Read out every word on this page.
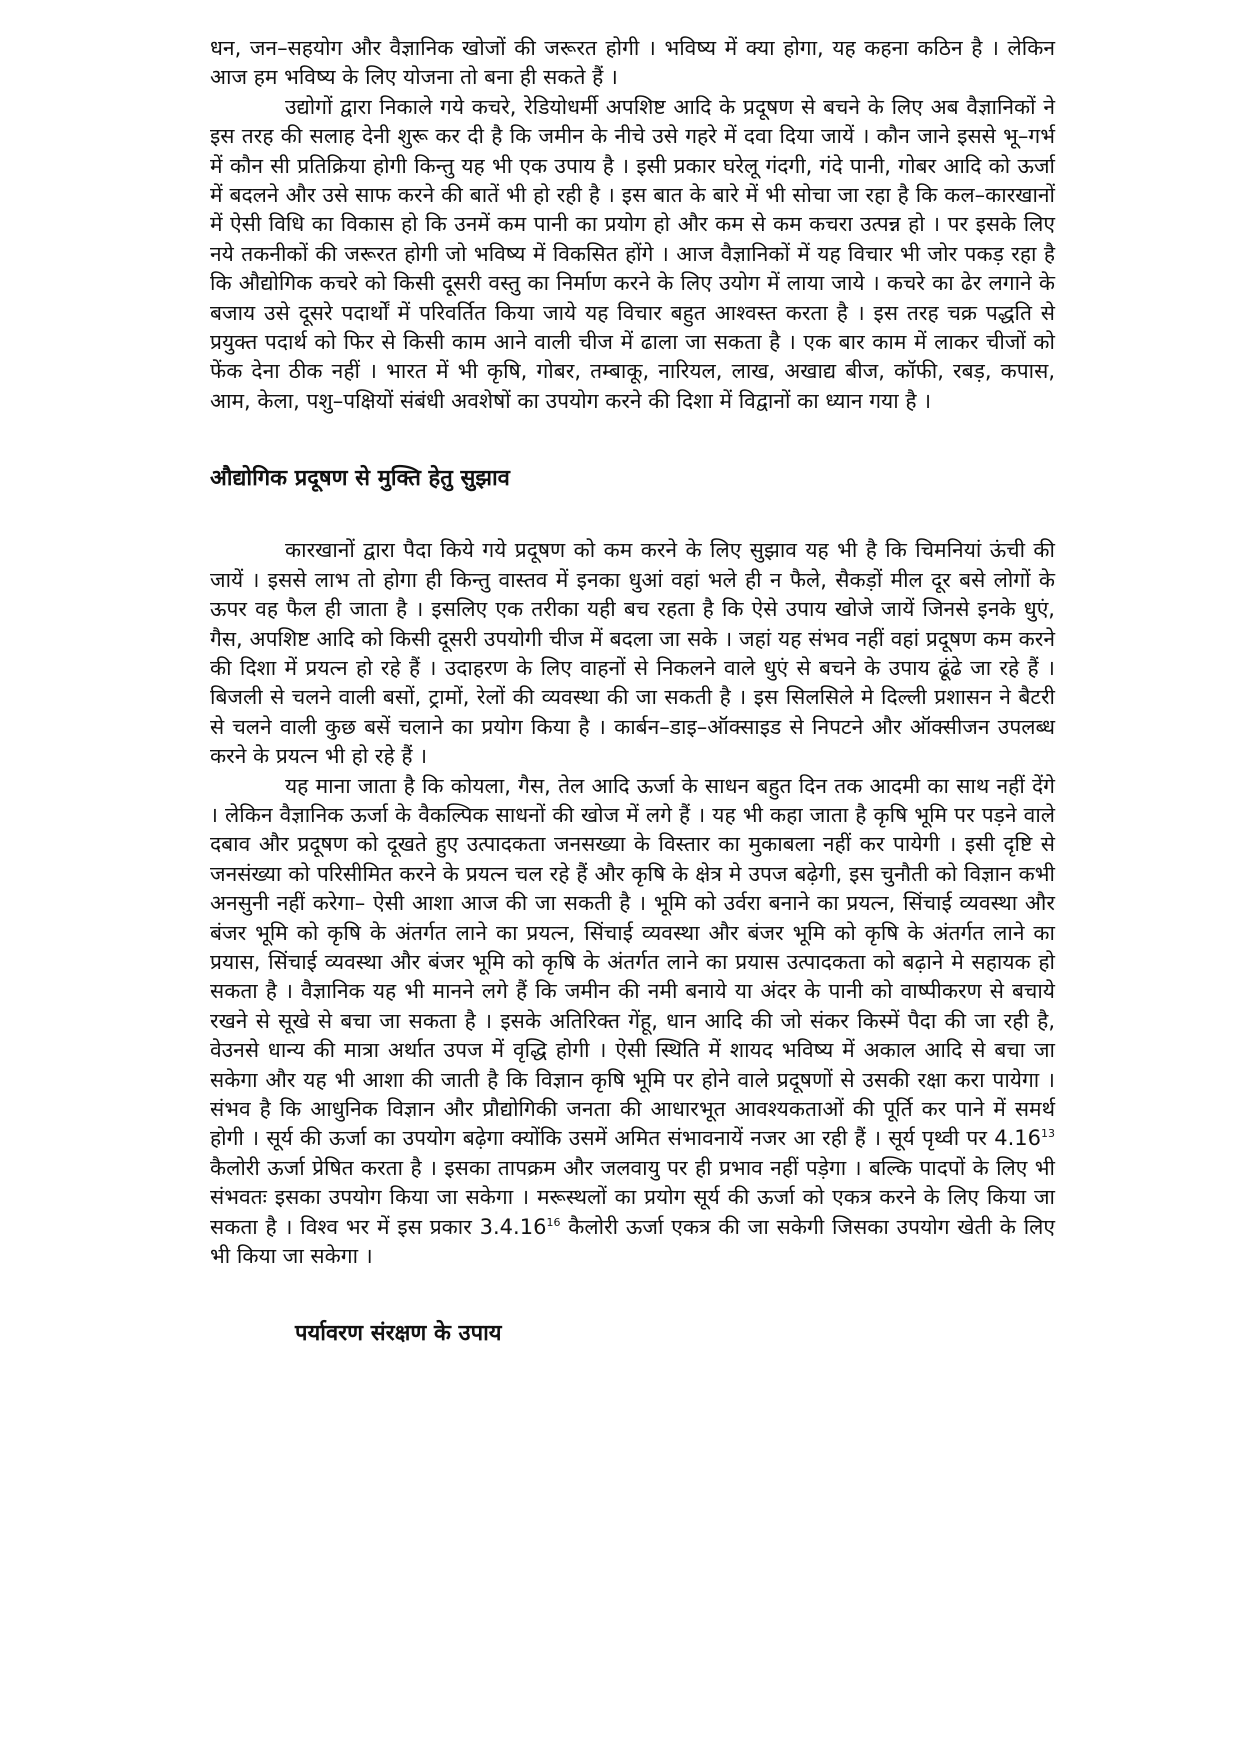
धन, जन–सहयोग और वैज्ञानिक खोजों की जरूरत होगी । भविष्य में क्या होगा, यह कहना कठिन है । लेकिन आज हम भविष्य के लिए योजना तो बना ही सकते हैं ।

उद्योगों द्वारा निकाले गये कचरे, रेडियोधर्मी अपशिष्ट आदि के प्रदूषण से बचने के लिए अब वैज्ञानिकों ने इस तरह की सलाह देनी शुरू कर दी है कि जमीन के नीचे उसे गहरे में दवा दिया जायें । कौन जाने इससे भू–गर्भ में कौन सी प्रतिक्रिया होगी किन्तु यह भी एक उपाय है । इसी प्रकार घरेलू गंदगी, गंदे पानी, गोबर आदि को ऊर्जा में बदलने और उसे साफ करने की बातें भी हो रही है । इस बात के बारे में भी सोचा जा रहा है कि कल–कारखानों में ऐसी विधि का विकास हो कि उनमें कम पानी का प्रयोग हो और कम से कम कचरा उत्पन्न हो । पर इसके लिए नये तकनीकों की जरूरत होगी जो भविष्य में विकसित होंगे । आज वैज्ञानिकों में यह विचार भी जोर पकड़ रहा है कि औद्योगिक कचरे को किसी दूसरी वस्तु का निर्माण करने के लिए उयोग में लाया जाये । कचरे का ढेर लगाने के बजाय उसे दूसरे पदार्थों में परिवर्तित किया जाये यह विचार बहुत आश्वस्त करता है । इस तरह चक्र पद्धति से प्रयुक्त पदार्थ को फिर से किसी काम आने वाली चीज में ढाला जा सकता है । एक बार काम में लाकर चीजों को फेंक देना ठीक नहीं । भारत में भी कृषि, गोबर, तम्बाकू, नारियल, लाख, अखाद्य बीज, कॉफी, रबड़, कपास, आम, केला, पशु–पक्षियों संबंधी अवशेषों का उपयोग करने की दिशा में विद्वानों का ध्यान गया है ।

औद्योगिक प्रदूषण से मुक्ति हेतु सुझाव

कारखानों द्वारा पैदा किये गये प्रदूषण को कम करने के लिए सुझाव यह भी है कि चिमनियां ऊंची की जायें । इससे लाभ तो होगा ही किन्तु वास्तव में इनका धुआं वहां भले ही न फैले, सैकड़ों मील दूर बसे लोगों के ऊपर वह फैल ही जाता है । इसलिए एक तरीका यही बच रहता है कि ऐसे उपाय खोजे जायें जिनसे इनके धुएं, गैस, अपशिष्ट आदि को किसी दूसरी उपयोगी चीज में बदला जा सके । जहां यह संभव नहीं वहां प्रदूषण कम करने की दिशा में प्रयत्न हो रहे हैं । उदाहरण के लिए वाहनों से निकलने वाले धुएं से बचने के उपाय ढूंढे जा रहे हैं । बिजली से चलने वाली बसों, ट्रामों, रेलों की व्यवस्था की जा सकती है । इस सिलसिले मे दिल्ली प्रशासन ने बैटरी से चलने वाली कुछ बसें चलाने का प्रयोग किया है । कार्बन–डाइ–ऑक्साइड से निपटने और ऑक्सीजन उपलब्ध करने के प्रयत्न भी हो रहे हैं ।

यह माना जाता है कि कोयला, गैस, तेल आदि ऊर्जा के साधन बहुत दिन तक आदमी का साथ नहीं देंगे । लेकिन वैज्ञानिक ऊर्जा के वैकल्पिक साधनों की खोज में लगे हैं । यह भी कहा जाता है कृषि भूमि पर पड़ने वाले दबाव और प्रदूषण को दूखते हुए उत्पादकता जनसख्या के विस्तार का मुकाबला नहीं कर पायेगी । इसी दृष्टि से जनसंख्या को परिसीमित करने के प्रयत्न चल रहे हैं और कृषि के क्षेत्र मे उपज बढ़ेगी, इस चुनौती को विज्ञान कभी अनसुनी नहीं करेगा– ऐसी आशा आज की जा सकती है । भूमि को उर्वरा बनाने का प्रयत्न, सिंचाई व्यवस्था और बंजर भूमि को कृषि के अंतर्गत लाने का प्रयत्न, सिंचाई व्यवस्था और बंजर भूमि को कृषि के अंतर्गत लाने का प्रयास, सिंचाई व्यवस्था और बंजर भूमि को कृषि के अंतर्गत लाने का प्रयास उत्पादकता को बढ़ाने मे सहायक हो सकता है । वैज्ञानिक यह भी मानने लगे हैं कि जमीन की नमी बनाये या अंदर के पानी को वाष्पीकरण से बचाये रखने से सूखे से बचा जा सकता है । इसके अतिरिक्त गेंहू, धान आदि की जो संकर किस्में पैदा की जा रही है, वेउनसे धान्य की मात्रा अर्थात उपज में वृद्धि होगी । ऐसी स्थिति में शायद भविष्य में अकाल आदि से बचा जा सकेगा और यह भी आशा की जाती है कि विज्ञान कृषि भूमि पर होने वाले प्रदूषणों से उसकी रक्षा करा पायेगा । संभव है कि आधुनिक विज्ञान और प्रौद्योगिकी जनता की आधारभूत आवश्यकताओं की पूर्ति कर पाने में समर्थ होगी । सूर्य की ऊर्जा का उपयोग बढ़ेगा क्योंकि उसमें अमित संभावनायें नजर आ रही हैं । सूर्य पृथ्वी पर 4.16$^{13}$ कैलोरी ऊर्जा प्रेषित करता है । इसका तापक्रम और जलवायु पर ही प्रभाव नहीं पड़ेगा । बल्कि पादपों के लिए भी संभवतः इसका उपयोग किया जा सकेगा । मरूस्थलों का प्रयोग सूर्य की ऊर्जा को एकत्र करने के लिए किया जा सकता है । विश्व भर में इस प्रकार 3.4.16$^{16}$ कैलोरी ऊर्जा एकत्र की जा सकेगी जिसका उपयोग खेती के लिए भी किया जा सकेगा ।

पर्यावरण संरक्षण के उपाय
